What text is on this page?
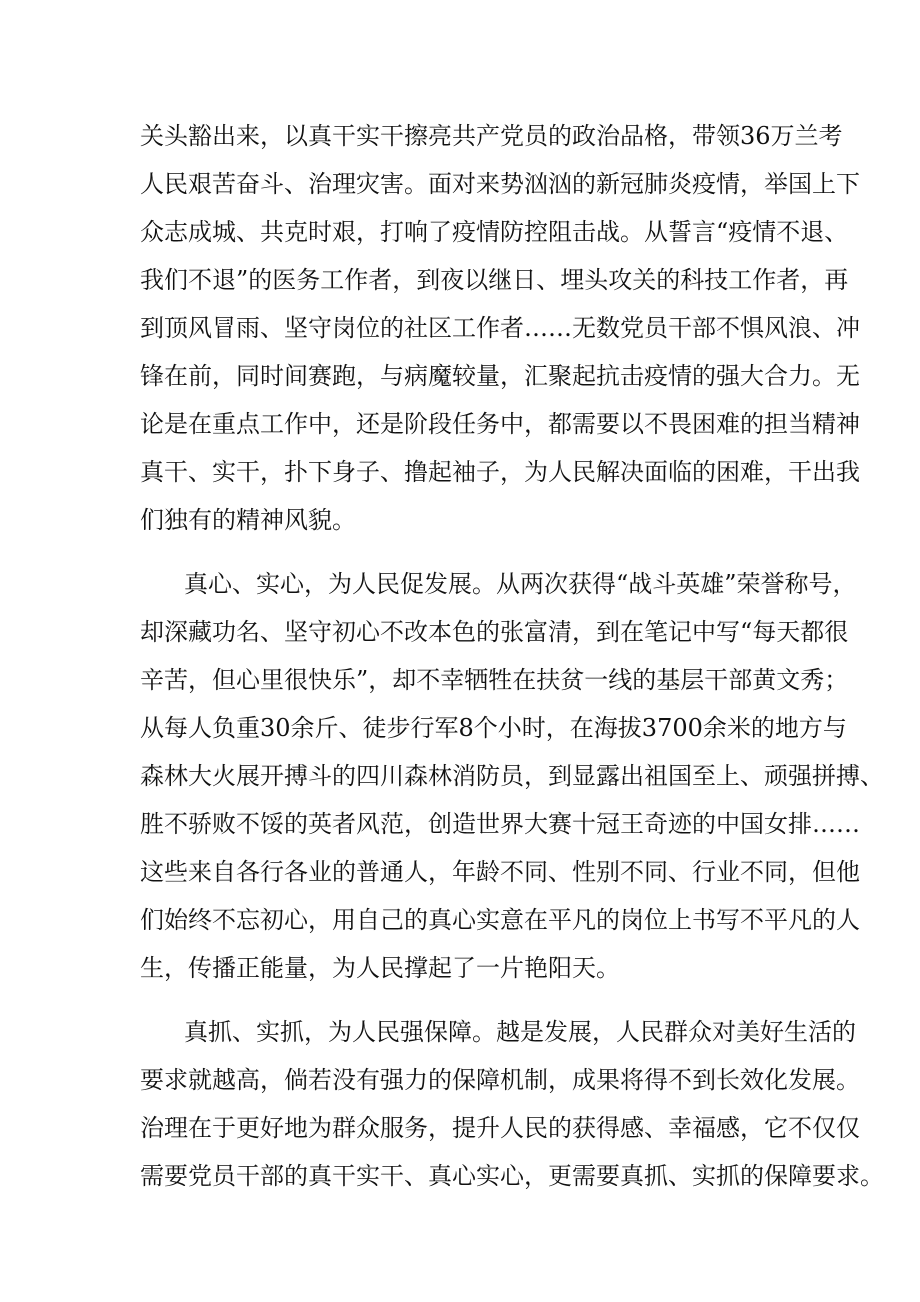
关头豁出来，以真干实干擦亮共产党员的政治品格，带领36万兰考
人民艰苦奋斗、治理灾害。面对来势汹汹的新冠肺炎疫情，举国上下
众志成城、共克时艰，打响了疫情防控阻击战。从誓言“疫情不退、
我们不退”的医务工作者，到夜以继日、埋头攻关的科技工作者，再
到顶风冒雨、坚守岗位的社区工作者……无数党员干部不惧风浪、冲
锋在前，同时间赛跑，与病魔较量，汇聚起抗击疫情的强大合力。无
论是在重点工作中，还是阶段任务中，都需要以不畏困难的担当精神
真干、实干，扑下身子、撸起袖子，为人民解决面临的困难，干出我
们独有的精神风貌。
真心、实心，为人民促发展。从两次获得“战斗英雄”荣誉称号，
却深藏功名、坚守初心不改本色的张富清，到在笔记中写“每天都很
辛苦，但心里很快乐”，却不幸牺牲在扶贫一线的基层干部黄文秀；
从每人负重30余斤、徒步行军8个小时，在海拔3700余米的地方与
森林大火展开搏斗的四川森林消防员，到显露出祖国至上、顽强拼搏、
胜不骄败不馁的英者风范，创造世界大赛十冠王奇迹的中国女排……
这些来自各行各业的普通人，年龄不同、性别不同、行业不同，但他
们始终不忘初心，用自己的真心实意在平凡的岗位上书写不平凡的人
生，传播正能量，为人民撑起了一片艳阳天。
真抓、实抓，为人民强保障。越是发展，人民群众对美好生活的
要求就越高，倘若没有强力的保障机制，成果将得不到长效化发展。
治理在于更好地为群众服务，提升人民的获得感、幸福感，它不仅仅
需要党员干部的真干实干、真心实心，更需要真抓、实抓的保障要求。
